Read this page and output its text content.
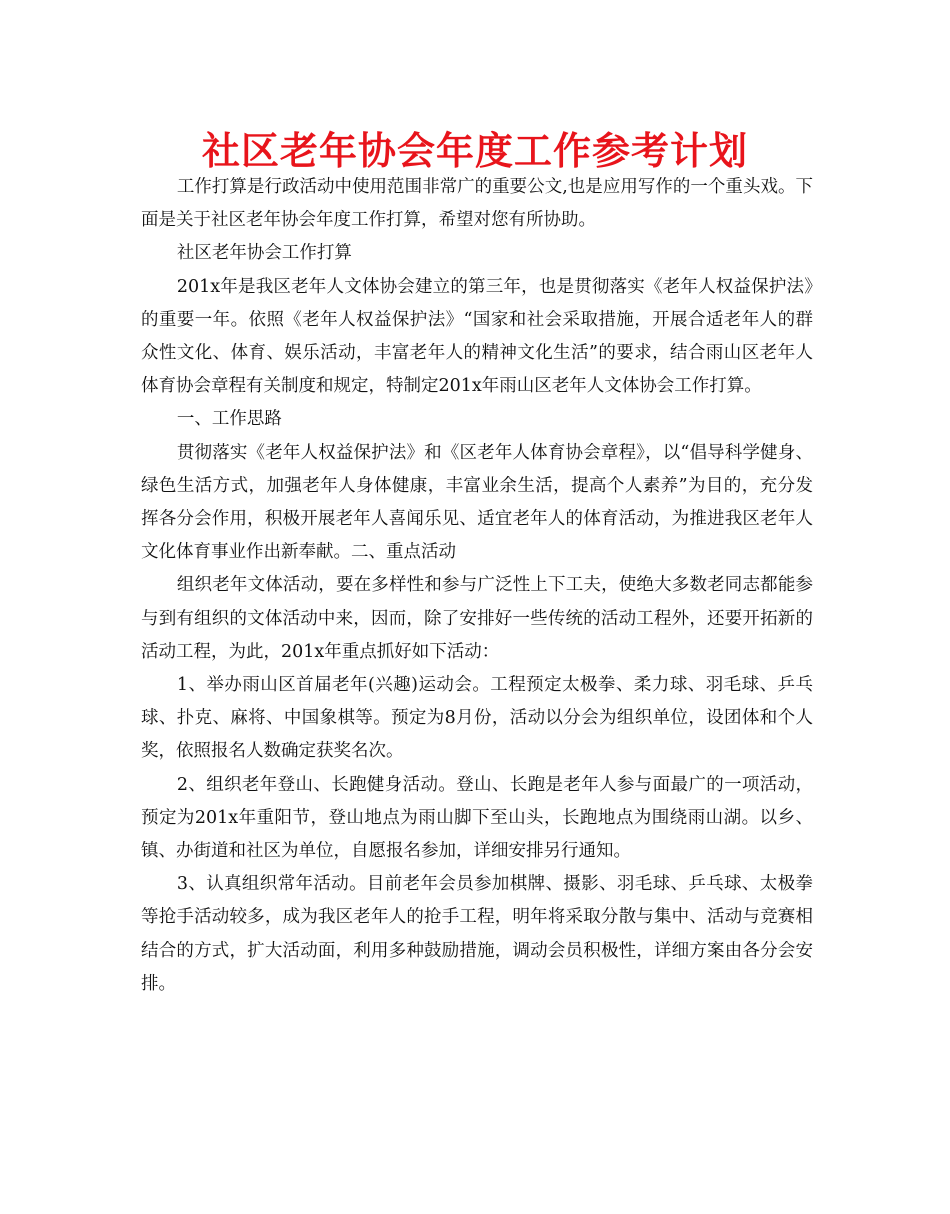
社区老年协会年度工作参考计划

工作打算是行政活动中使用范围非常广的重要公文,也是应用写作的一个重头戏。下面是关于社区老年协会年度工作打算，希望对您有所协助。

社区老年协会工作打算

201x年是我区老年人文体协会建立的第三年，也是贯彻落实《老年人权益保护法》的重要一年。依照《老年人权益保护法》“国家和社会采取措施，开展合适老年人的群众性文化、体育、娱乐活动，丰富老年人的精神文化生活”的要求，结合雨山区老年人体育协会章程有关制度和规定，特制定201x年雨山区老年人文体协会工作打算。

一、工作思路

贯彻落实《老年人权益保护法》和《区老年人体育协会章程》，以“倡导科学健身、绿色生活方式，加强老年人身体健康，丰富业余生活，提高个人素养”为目的，充分发挥各分会作用，积极开展老年人喜闻乐见、适宜老年人的体育活动，为推进我区老年人文化体育事业作出新奉献。二、重点活动

组织老年文体活动，要在多样性和参与广泛性上下工夫，使绝大多数老同志都能参与到有组织的文体活动中来，因而，除了安排好一些传统的活动工程外，还要开拓新的活动工程，为此，201x年重点抓好如下活动：

1、举办雨山区首届老年(兴趣)运动会。工程预定太极拳、柔力球、羽毛球、乒乓球、扑克、麻将、中国象棋等。预定为8月份，活动以分会为组织单位，设团体和个人奖，依照报名人数确定获奖名次。

2、组织老年登山、长跑健身活动。登山、长跑是老年人参与面最广的一项活动，预定为201x年重阳节，登山地点为雨山脚下至山头，长跑地点为围绕雨山湖。以乡、镇、办街道和社区为单位，自愿报名参加，详细安排另行通知。

3、认真组织常年活动。目前老年会员参加棋牌、摄影、羽毛球、乒乓球、太极拳等抢手活动较多，成为我区老年人的抢手工程，明年将采取分散与集中、活动与竞赛相结合的方式，扩大活动面，利用多种鼓励措施，调动会员积极性，详细方案由各分会安排。
